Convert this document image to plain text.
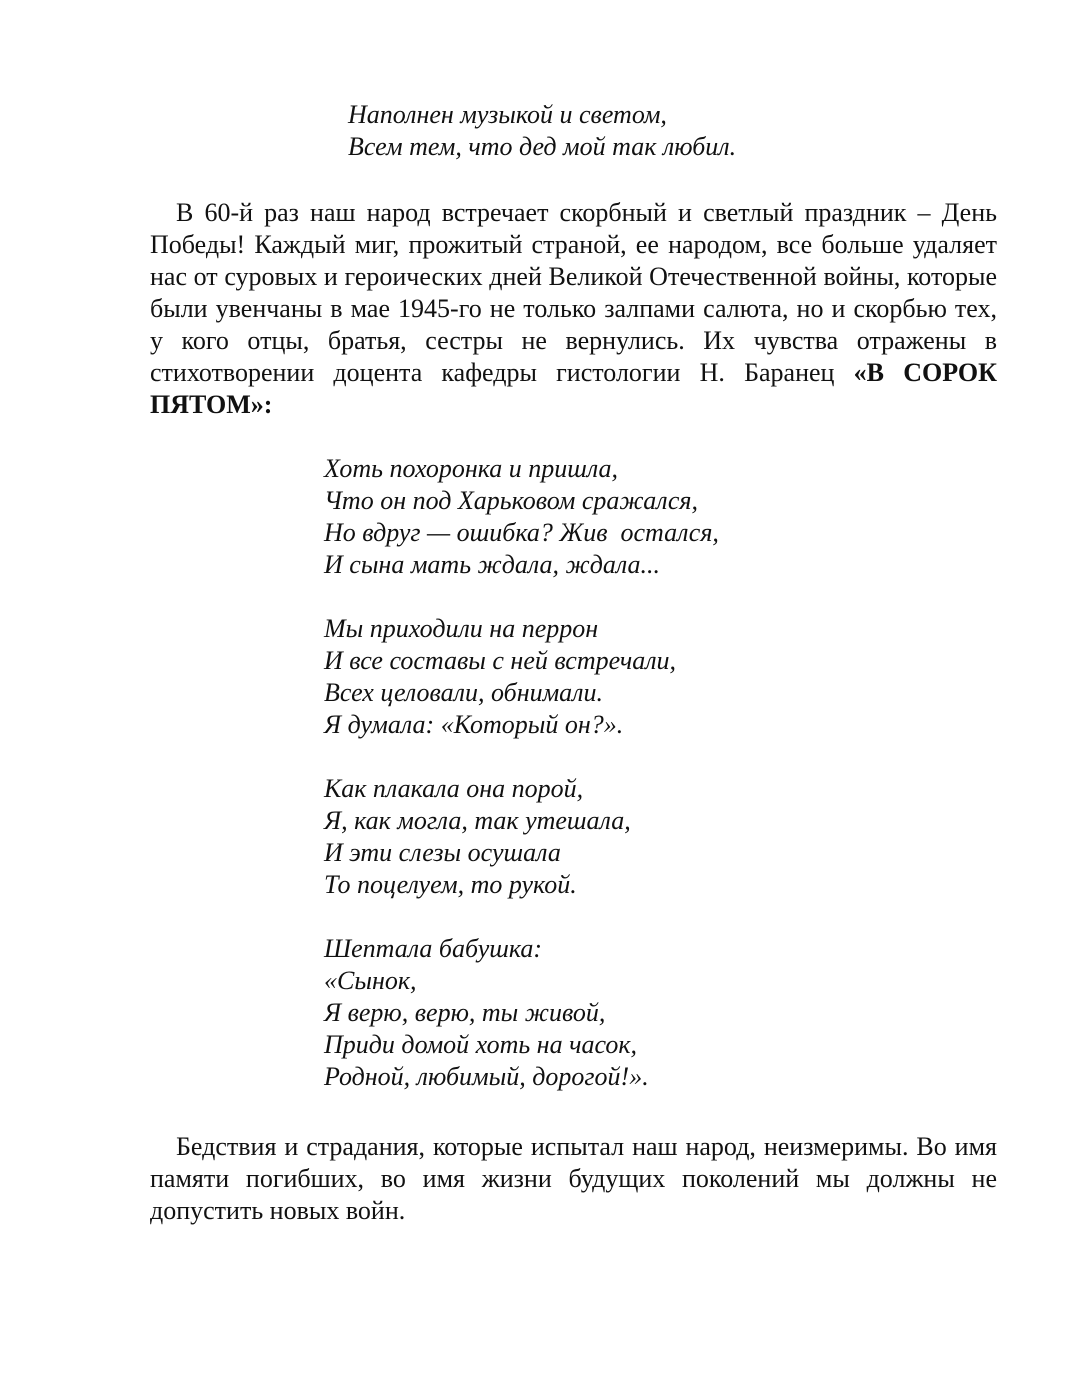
Наполнен музыкой и светом,
Всем тем, что дед мой так любил.

В 60-й раз наш народ встречает скорбный и светлый праздник – День Победы! Каждый миг, прожитый страной, ее народом, все больше удаляет нас от суровых и героических дней Великой Отечественной войны, которые были увенчаны в мае 1945-го не только залпами салюта, но и скорбью тех, у кого отцы, братья, сестры не вернулись. Их чувства отражены в стихотворении доцента кафедры гистологии Н. Баранец «В СОРОК ПЯТОМ»:

Хоть похоронка и пришла,
Что он под Харьковом сражался,
Но вдруг — ошибка? Жив  остался,
И сына мать ждала, ждала...
Мы приходили на перрон
И все составы с ней встречали,
Всех целовали, обнимали.
Я думала: «Который он?».
Как плакала она порой,
Я, как могла, так утешала,
И эти слезы осушала
То поцелуем, то рукой.
Шептала бабушка:
«Сынок,
Я верю, верю, ты живой,
Приди домой хоть на часок,
Родной, любимый, дорогой!».

Бедствия и страдания, которые испытал наш народ, неизмеримы. Во имя памяти погибших, во имя жизни будущих поколений мы должны не допустить новых войн.
